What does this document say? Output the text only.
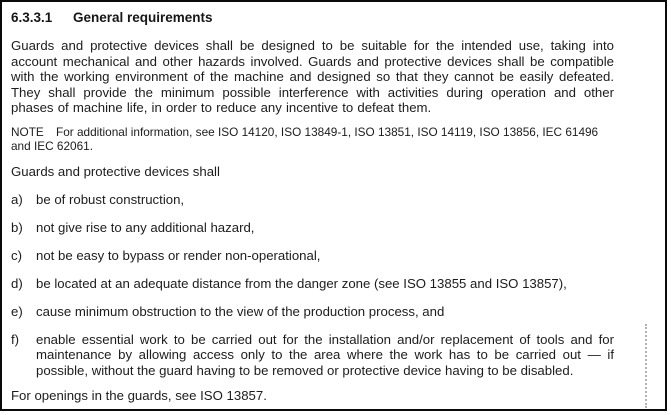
6.3.3.1	General requirements

Guards and protective devices shall be designed to be suitable for the intended use, taking into account mechanical and other hazards involved. Guards and protective devices shall be compatible with the working environment of the machine and designed so that they cannot be easily defeated. They shall provide the minimum possible interference with activities during operation and other phases of machine life, in order to reduce any incentive to defeat them.

NOTE For additional information, see ISO 14120, ISO 13849-1, ISO 13851, ISO 14119, ISO 13856, IEC 61496 and IEC 62061.

Guards and protective devices shall

a)	be of robust construction,
b)	not give rise to any additional hazard,
c)	not be easy to bypass or render non-operational,
d)	be located at an adequate distance from the danger zone (see ISO 13855 and ISO 13857),
e)	cause minimum obstruction to the view of the production process, and
f)	enable essential work to be carried out for the installation and/or replacement of tools and for maintenance by allowing access only to the area where the work has to be carried out — if possible, without the guard having to be removed or protective device having to be disabled.

For openings in the guards, see ISO 13857.
